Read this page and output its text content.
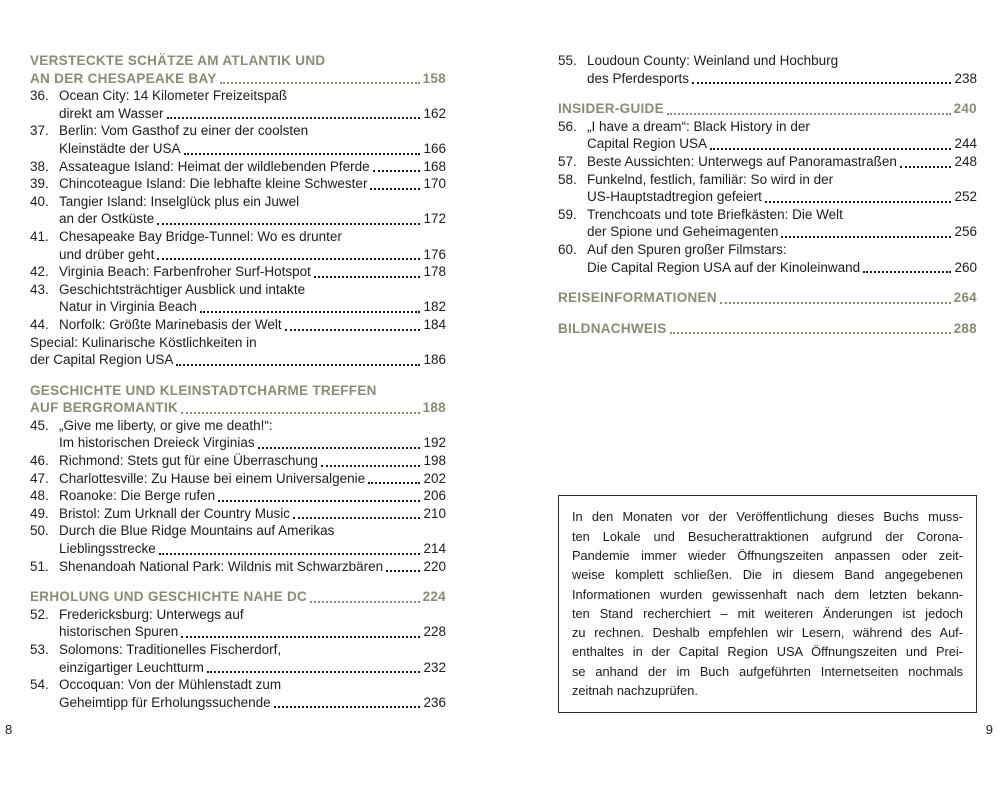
VERSTECKTE SCHÄTZE AM ATLANTIK UND
AN DER CHESAPEAKE BAY	158
36. Ocean City: 14 Kilometer Freizeitspaß
direkt am Wasser	162
37. Berlin: Vom Gasthof zu einer der coolsten
Kleinstädte der USA	166
38. Assateague Island: Heimat der wildlebenden Pferde	168
39. Chincoteague Island: Die lebhafte kleine Schwester	170
40. Tangier Island: Inselglück plus ein Juwel
an der Ostküste	172
41. Chesapeake Bay Bridge-Tunnel: Wo es drunter
und drüber geht	176
42. Virginia Beach: Farbenfroher Surf-Hotspot	178
43. Geschichtsträchtiger Ausblick und intakte
Natur in Virginia Beach	182
44. Norfolk: Größte Marinebasis der Welt	184
Special: Kulinarische Köstlichkeiten in
der Capital Region USA	186
GESCHICHTE UND KLEINSTADTCHARME TREFFEN
AUF BERGROMANTIK	188
45. „Give me liberty, or give me death!“:
Im historischen Dreieck Virginias	192
46. Richmond: Stets gut für eine Überraschung	198
47. Charlottesville: Zu Hause bei einem Universalgenie	202
48. Roanoke: Die Berge rufen	206
49. Bristol: Zum Urknall der Country Music	210
50. Durch die Blue Ridge Mountains auf Amerikas
Lieblingsstrecke	214
51. Shenandoah National Park: Wildnis mit Schwarzbären	220
ERHOLUNG UND GESCHICHTE NAHE DC	224
52. Fredericksburg: Unterwegs auf
historischen Spuren	228
53. Solomons: Traditionelles Fischerdorf,
einzigartiger Leuchtturm	232
54. Occoquan: Von der Mühlenstadt zum
Geheimtipp für Erholungssuchende	236
55. Loudoun County: Weinland und Hochburg
des Pferdesports	238
INSIDER-GUIDE	240
56. „I have a dream“: Black History in der
Capital Region USA	244
57. Beste Aussichten: Unterwegs auf Panoramastraßen	248
58. Funkelnd, festlich, familiär: So wird in der
US-Hauptstadtregion gefeiert	252
59. Trenchcoats und tote Briefkästen: Die Welt
der Spione und Geheimagenten	256
60. Auf den Spuren großer Filmstars:
Die Capital Region USA auf der Kinoleinwand	260
REISEINFORMATIONEN	264
BILDNACHWEIS	288
In den Monaten vor der Veröffentlichung dieses Buchs muss-
ten Lokale und Besucherattraktionen aufgrund der Corona-
Pandemie immer wieder Öffnungszeiten anpassen oder zeit-
weise komplett schließen. Die in diesem Band angegebenen
Informationen wurden gewissenhaft nach dem letzten bekann-
ten Stand recherchiert – mit weiteren Änderungen ist jedoch
zu rechnen. Deshalb empfehlen wir Lesern, während des Auf-
enthaltes in der Capital Region USA Öffnungszeiten und Prei-
se anhand der im Buch aufgeführten Internetseiten nochmals
zeitnah nachzuprüfen.
8	9
